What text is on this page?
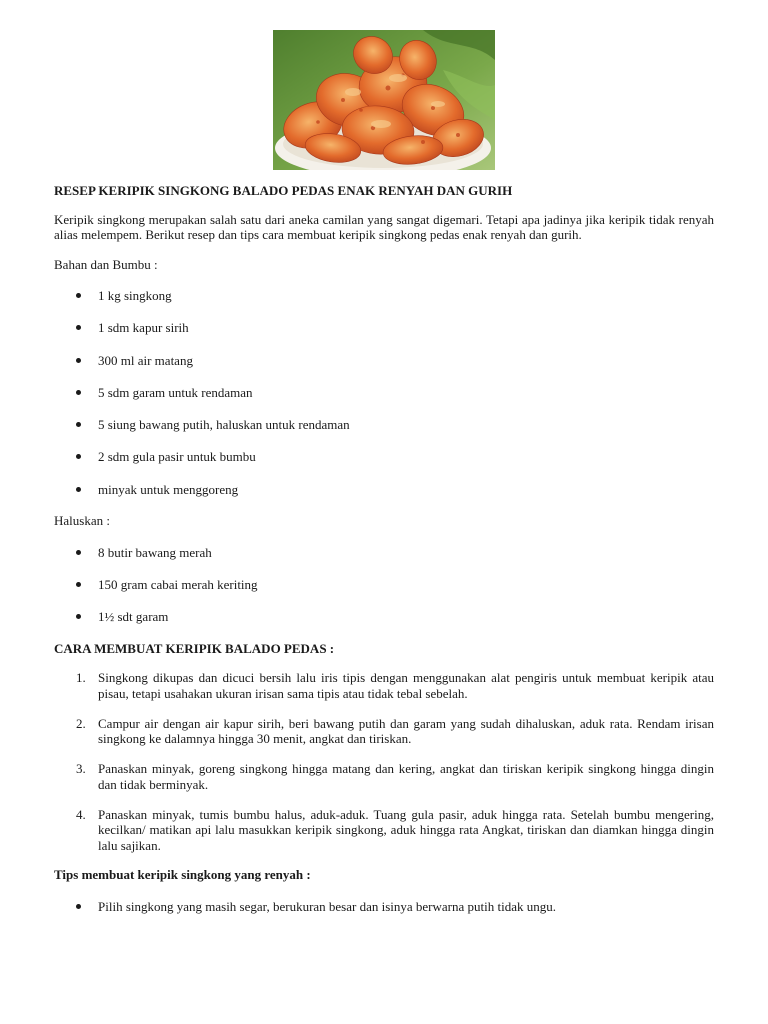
RESEP KERIPIK SINGKONG BALADO PEDAS ENAK RENYAH DAN GURIH
Keripik singkong merupakan salah satu dari aneka camilan yang sangat digemari. Tetapi apa jadinya jika keripik tidak renyah alias melempem. Berikut resep dan tips cara membuat keripik singkong pedas enak renyah dan gurih.
Bahan dan Bumbu :
1 kg singkong
1 sdm kapur sirih
300 ml air matang
5 sdm garam untuk rendaman
5 siung bawang putih, haluskan untuk rendaman
2 sdm gula pasir untuk bumbu
minyak untuk menggoreng
Haluskan :
8 butir bawang merah
150 gram cabai merah keriting
1½ sdt garam
CARA MEMBUAT KERIPIK BALADO PEDAS :
1. Singkong dikupas dan dicuci bersih lalu iris tipis dengan menggunakan alat pengiris untuk membuat keripik atau pisau, tetapi usahakan ukuran irisan sama tipis atau tidak tebal sebelah.
2. Campur air dengan air kapur sirih, beri bawang putih dan garam yang sudah dihaluskan, aduk rata. Rendam irisan singkong ke dalamnya hingga 30 menit, angkat dan tiriskan.
3. Panaskan minyak, goreng singkong hingga matang dan kering, angkat dan tiriskan keripik singkong hingga dingin dan tidak berminyak.
4. Panaskan minyak, tumis bumbu halus, aduk-aduk. Tuang gula pasir, aduk hingga rata. Setelah bumbu mengering, kecilkan/ matikan api lalu masukkan keripik singkong, aduk hingga rata Angkat, tiriskan dan diamkan hingga dingin lalu sajikan.
Tips membuat keripik singkong yang renyah :
Pilih singkong yang masih segar, berukuran besar dan isinya berwarna putih tidak ungu.
